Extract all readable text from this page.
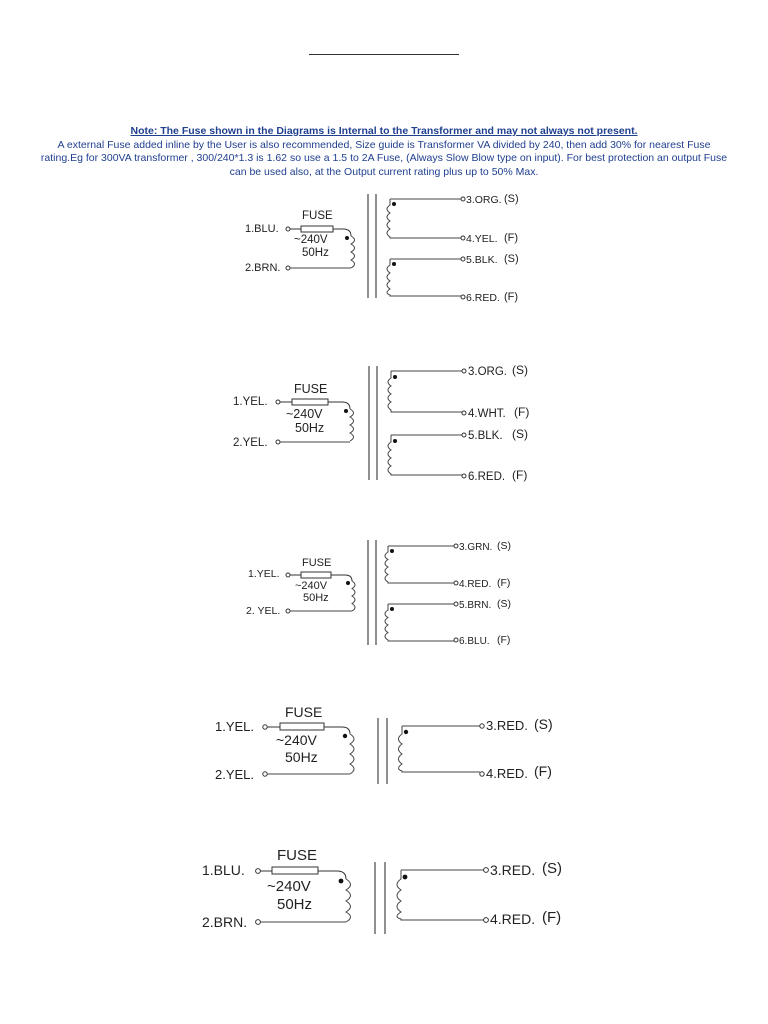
Note: The Fuse shown in the Diagrams is Internal to the Transformer and may not always not present.
A external Fuse added inline by the User is also recommended, Size guide is Transformer VA divided by 240, then add 30% for nearest Fuse rating.Eg for 300VA transformer , 300/240*1.3 is 1.62 so use a 1.5 to 2A Fuse, (Always Slow Blow type on input). For best protection an output Fuse can be used also, at the Output current rating plus up to 50% Max.
FUSE
~240V
50Hz
1.BLU.
2.BRN.
3.ORG. (S)
4.YEL. (F)
5.BLK. (S)
6.RED. (F)
FUSE
~240V
50Hz
1.YEL.
2.YEL.
3.ORG. (S)
4.WHT. (F)
5.BLK. (S)
6.RED. (F)
FUSE
~240V
50Hz
1.YEL.
2. YEL.
3.GRN. (S)
4.RED. (F)
5.BRN. (S)
6.BLU. (F)
FUSE
~240V
50Hz
1.YEL.
2.YEL.
3.RED. (S)
4.RED. (F)
FUSE
~240V
50Hz
1.BLU.
2.BRN.
3.RED. (S)
4.RED. (F)
